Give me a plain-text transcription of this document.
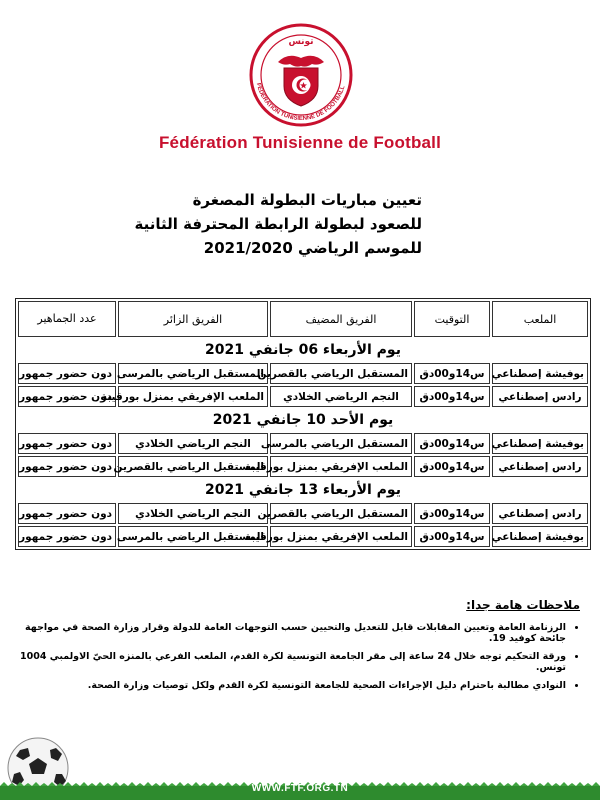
FÉDÉRATION TUNISIENNE DE FOOTBALL
تونس
Fédération Tunisienne de Football

تعيين مباريات البطولة المصغرة

للصعود لبطولة الرابطة المحترفة الثانية

للموسم الرياضي 2021/2020

الملعب	التوقيت	الفريق المضيف	الفريق الزائر	عدد الجماهير
يوم الأربعاء 06 جانفي 2021				
بوفيشة إصطناعي	س14و00دق	المستقبل الرياضي بالقصرين	المستقبل الرياضي بالمرسى	دون حضور جمهور
رادس إصطناعي	س14و00دق	النجم الرياضي الخلادي	الملعب الإفريقي بمنزل بورقيبة	دون حضور جمهور
يوم الأحد 10 جانفي 2021				
بوفيشة إصطناعي	س14و00دق	المستقبل الرياضي بالمرسى	النجم الرياضي الخلادي	دون حضور جمهور
رادس إصطناعي	س14و00دق	الملعب الإفريقي بمنزل بورقيبة	المستقبل الرياضي بالقصرين	دون حضور جمهور
يوم الأربعاء 13 جانفي 2021				
رادس إصطناعي	س14و00دق	المستقبل الرياضي بالقصرين	النجم الرياضي الخلادي	دون حضور جمهور
بوفيشة إصطناعي	س14و00دق	الملعب الإفريقي بمنزل بورقيبة	المستقبل الرياضي بالمرسى	دون حضور جمهور
ملاحظات هامة جدا:
• الرزنامة العامة وتعيين المقابلات قابل للتعديل والتحيين حسب التوجهات العامة للدولة وقرار وزارة الصحة في مواجهة جائحة كوفيد 19.
• ورقة التحكيم توجه خلال 24 ساعة إلى مقر الجامعة التونسية لكرة القدم، الملعب الفرعي بالمنزه الحيّ الاولمبي 1004 تونس.
• النوادي مطالبة باحترام دليل الإجراءات الصحية للجامعة التونسية لكرة القدم ولكل توصيات وزارة الصحة.
WWW.FTF.ORG.TN
